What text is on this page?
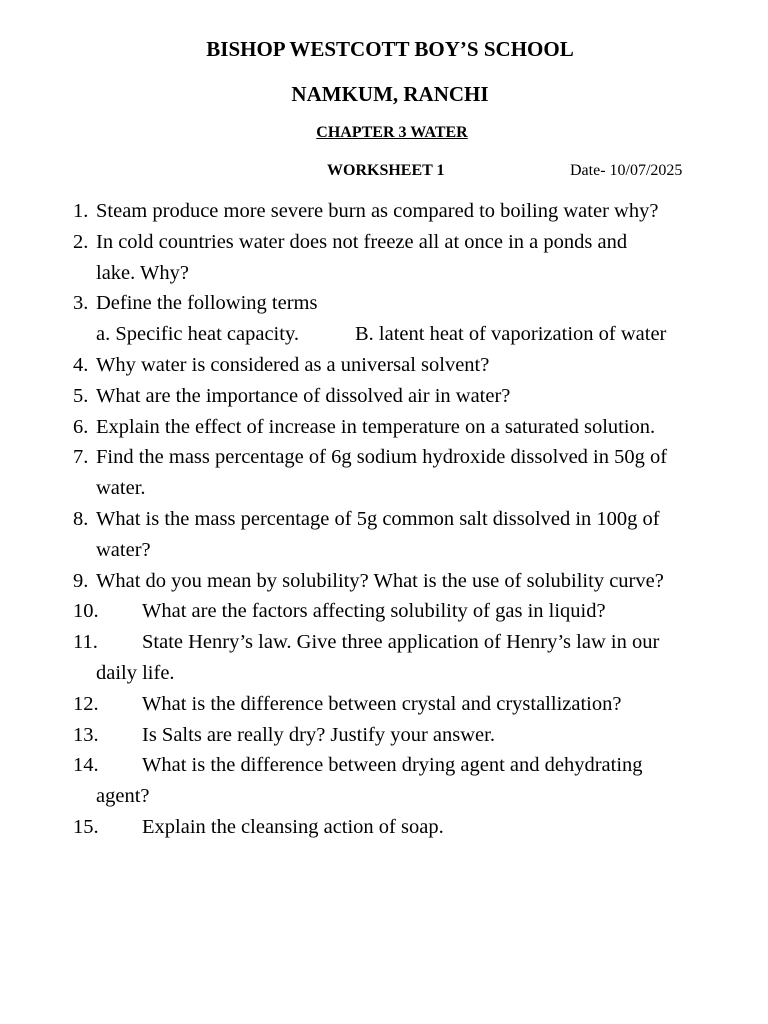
BISHOP WESTCOTT BOY’S SCHOOL
NAMKUM, RANCHI
CHAPTER 3 WATER
WORKSHEET 1	Date- 10/07/2025
1. Steam produce more severe burn as compared to boiling water why?
2. In cold countries water does not freeze all at once in a ponds and
lake. Why?
3. Define the following terms
a. Specific heat capacity.	B. latent heat of vaporization of water
4. Why water is considered as a universal solvent?
5. What are the importance of dissolved air in water?
6. Explain the effect of increase in temperature on a saturated solution.
7. Find the mass percentage of 6g sodium hydroxide dissolved in 50g of
water.
8. What is the mass percentage of 5g common salt dissolved in 100g of
water?
9. What do you mean by solubility? What is the use of solubility curve?
10.	What are the factors affecting solubility of gas in liquid?
11.	State Henry’s law. Give three application of Henry’s law in our
daily life.
12.	What is the difference between crystal and crystallization?
13.	Is Salts are really dry? Justify your answer.
14.	What is the difference between drying agent and dehydrating
agent?
15.	Explain the cleansing action of soap.
